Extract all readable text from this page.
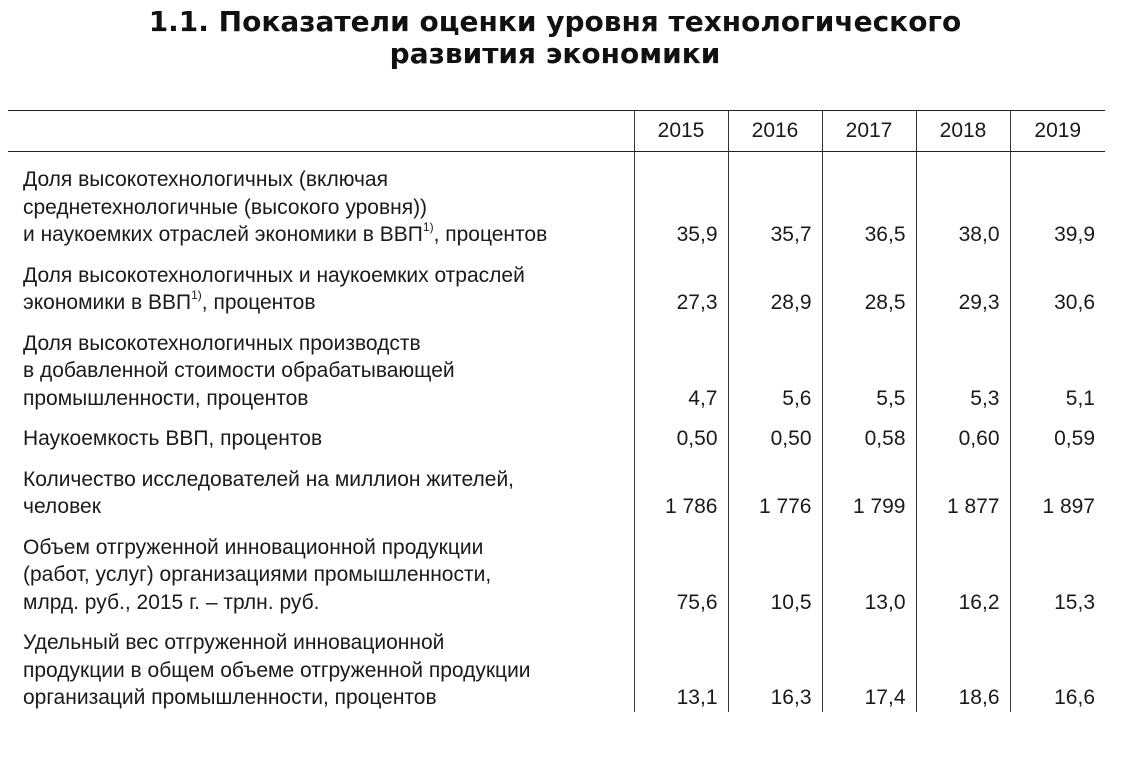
1.1. Показатели оценки уровня технологического
развития экономики
	2015	2016	2017	2018	2019

Доля высокотехнологичных (включая
среднетехнологичные (высокого уровня))
и наукоемких отраслей экономики в ВВП$^{1)}$, процентов	35,9	35,7	36,5	38,0	39,9

Доля высокотехнологичных и наукоемких отраслей
экономики в ВВП$^{1)}$, процентов	27,3	28,9	28,5	29,3	30,6

Доля высокотехнологичных производств
в добавленной стоимости обрабатывающей
промышленности, процентов	4,7	5,6	5,5	5,3	5,1

Наукоемкость ВВП, процентов	0,50	0,50	0,58	0,60	0,59

Количество исследователей на миллион жителей,
человек	1 786	1 776	1 799	1 877	1 897

Объем отгруженной инновационной продукции
(работ, услуг) организациями промышленности,
млрд. руб., 2015 г. – трлн. руб.	75,6	10,5	13,0	16,2	15,3

Удельный вес отгруженной инновационной
продукции в общем объеме отгруженной продукции
организаций промышленности, процентов	13,1	16,3	17,4	18,6	16,6
